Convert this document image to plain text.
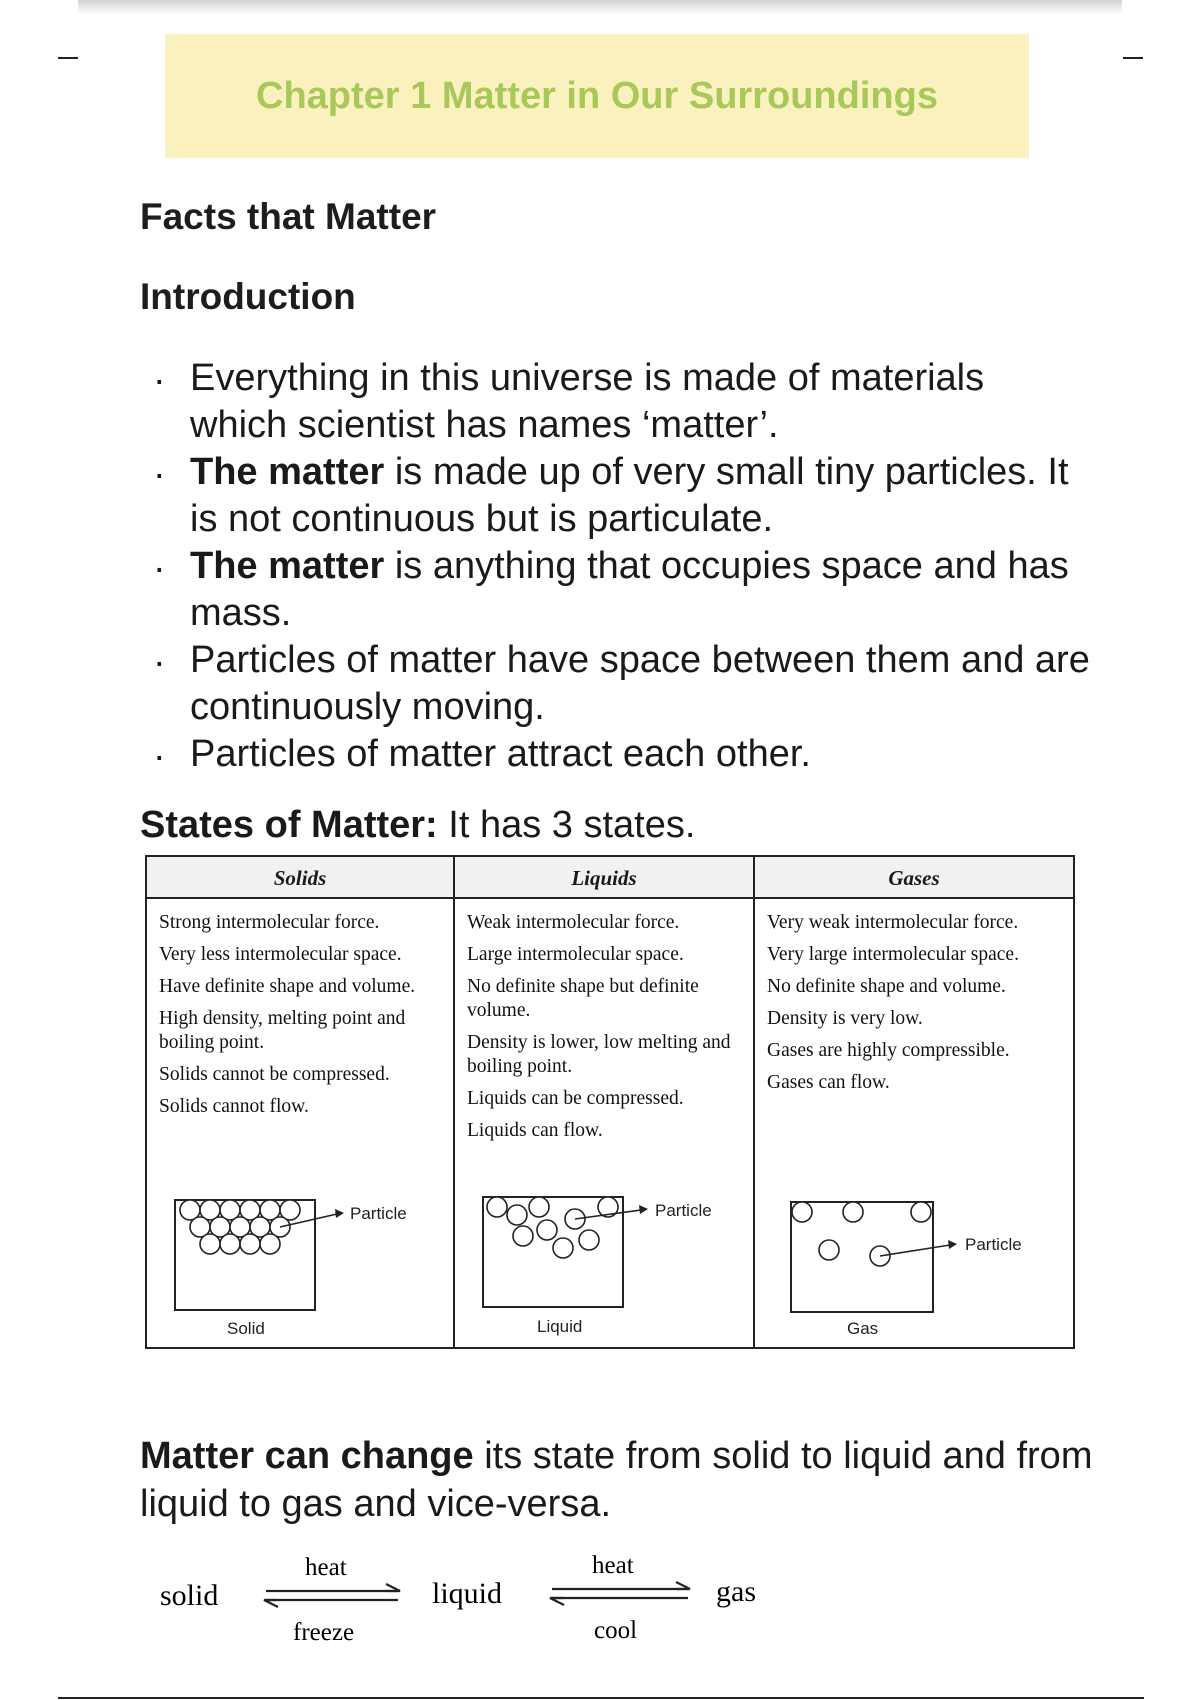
Chapter 1 Matter in Our Surroundings
Facts that Matter
Introduction
. Everything in this universe is made of materials which scientist has names ‘matter’.
. The matter is made up of very small tiny particles. It is not continuous but is particulate.
. The matter is anything that occupies space and has mass.
. Particles of matter have space between them and are continuously moving.
. Particles of matter attract each other.
States of Matter: It has 3 states.
Solids
Strong intermolecular force.
Very less intermolecular space.
Have definite shape and volume.
High density, melting point and boiling point.
Solids cannot be compressed.
Solids cannot flow.
Particle
Solid
Liquids
Weak intermolecular force.
Large intermolecular space.
No definite shape but definite volume.
Density is lower, low melting and boiling point.
Liquids can be compressed.
Liquids can flow.
Particle
Liquid
Gases
Very weak intermolecular force.
Very large intermolecular space.
No definite shape and volume.
Density is very low.
Gases are highly compressible.
Gases can flow.
Particle
Gas
Matter can change its state from solid to liquid and from liquid to gas and vice-versa.
solid
heat
freeze
liquid
heat
cool
gas
